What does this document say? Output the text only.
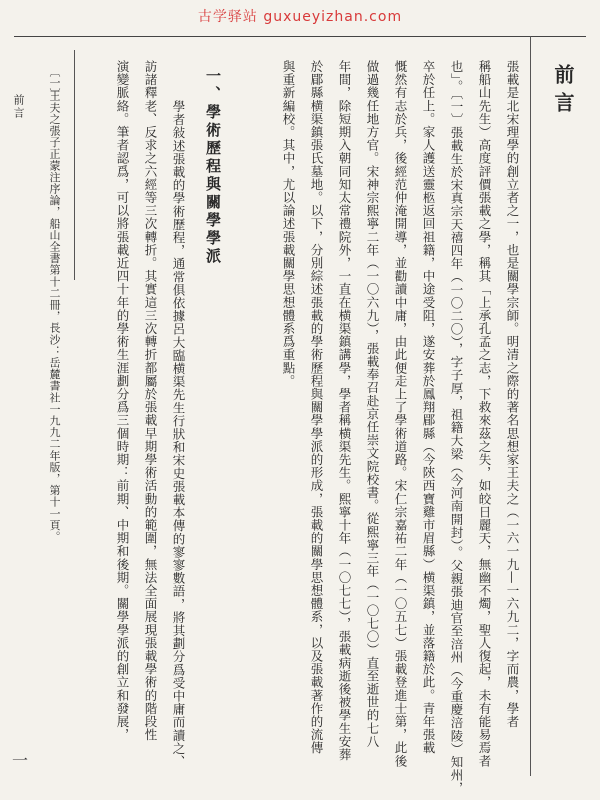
古学驿站 guxueyizhan.com
前言
張載是北宋理學的創立者之一，也是關學宗師。明清之際的著名思想家王夫之（一六一九—一六九二，字而農，學者
稱船山先生）高度評價張載之學，稱其「上承孔孟之志，下救來茲之失，如皎日麗天，無幽不燭，聖人復起，未有能易焉者
也」。〔一〕張載生於宋真宗天禧四年（一〇二〇），字子厚，祖籍大梁（今河南開封）。父親張迪官至涪州（今重慶涪陵）知州，
卒於任上。家人護送靈柩返回祖籍，中途受阻，遂安葬於鳳翔郿縣（今陝西寶雞市眉縣）横渠鎮，並落籍於此。青年張載
慨然有志於兵，後經范仲淹開導，並勸讀中庸，由此便走上了學術道路。宋仁宗嘉祐二年（一〇五七）張載登進士第，此後
做過幾任地方官。宋神宗熙寧二年（一〇六九），張載奉召赴京任崇文院校書。從熙寧三年（一〇七〇）直至逝世的七八
年間，除短期入朝同知太常禮院外，一直在横渠鎮講學，學者稱横渠先生。熙寧十年（一〇七七），張載病逝後被學生安葬
於郿縣横渠鎮張氏墓地。以下，分別綜述張載的學術歷程與關學學派的形成，張載的關學思想體系，以及張載著作的流傳
與重新編校。其中，尤以論述張載關學思想體系爲重點。
一、學術歷程與關學學派
學者敍述張載的學術歷程，通常俱依據呂大臨横渠先生行狀和宋史張載本傳的寥寥數語，將其劃分爲受中庸而讀之、
訪諸釋老、反求之六經等三次轉折。其實這三次轉折都屬於張載早期學術活動的範圍，無法全面展現張載學術的階段性
演變脈絡。筆者認爲，可以將張載近四十年的學術生涯劃分爲三個時期：前期、中期和後期。關學學派的創立和發展，
〔一〕
王夫之張子正蒙注序論，船山全書第十二冊，長沙：岳麓書社一九九二年版，第十一頁。
前言
一
